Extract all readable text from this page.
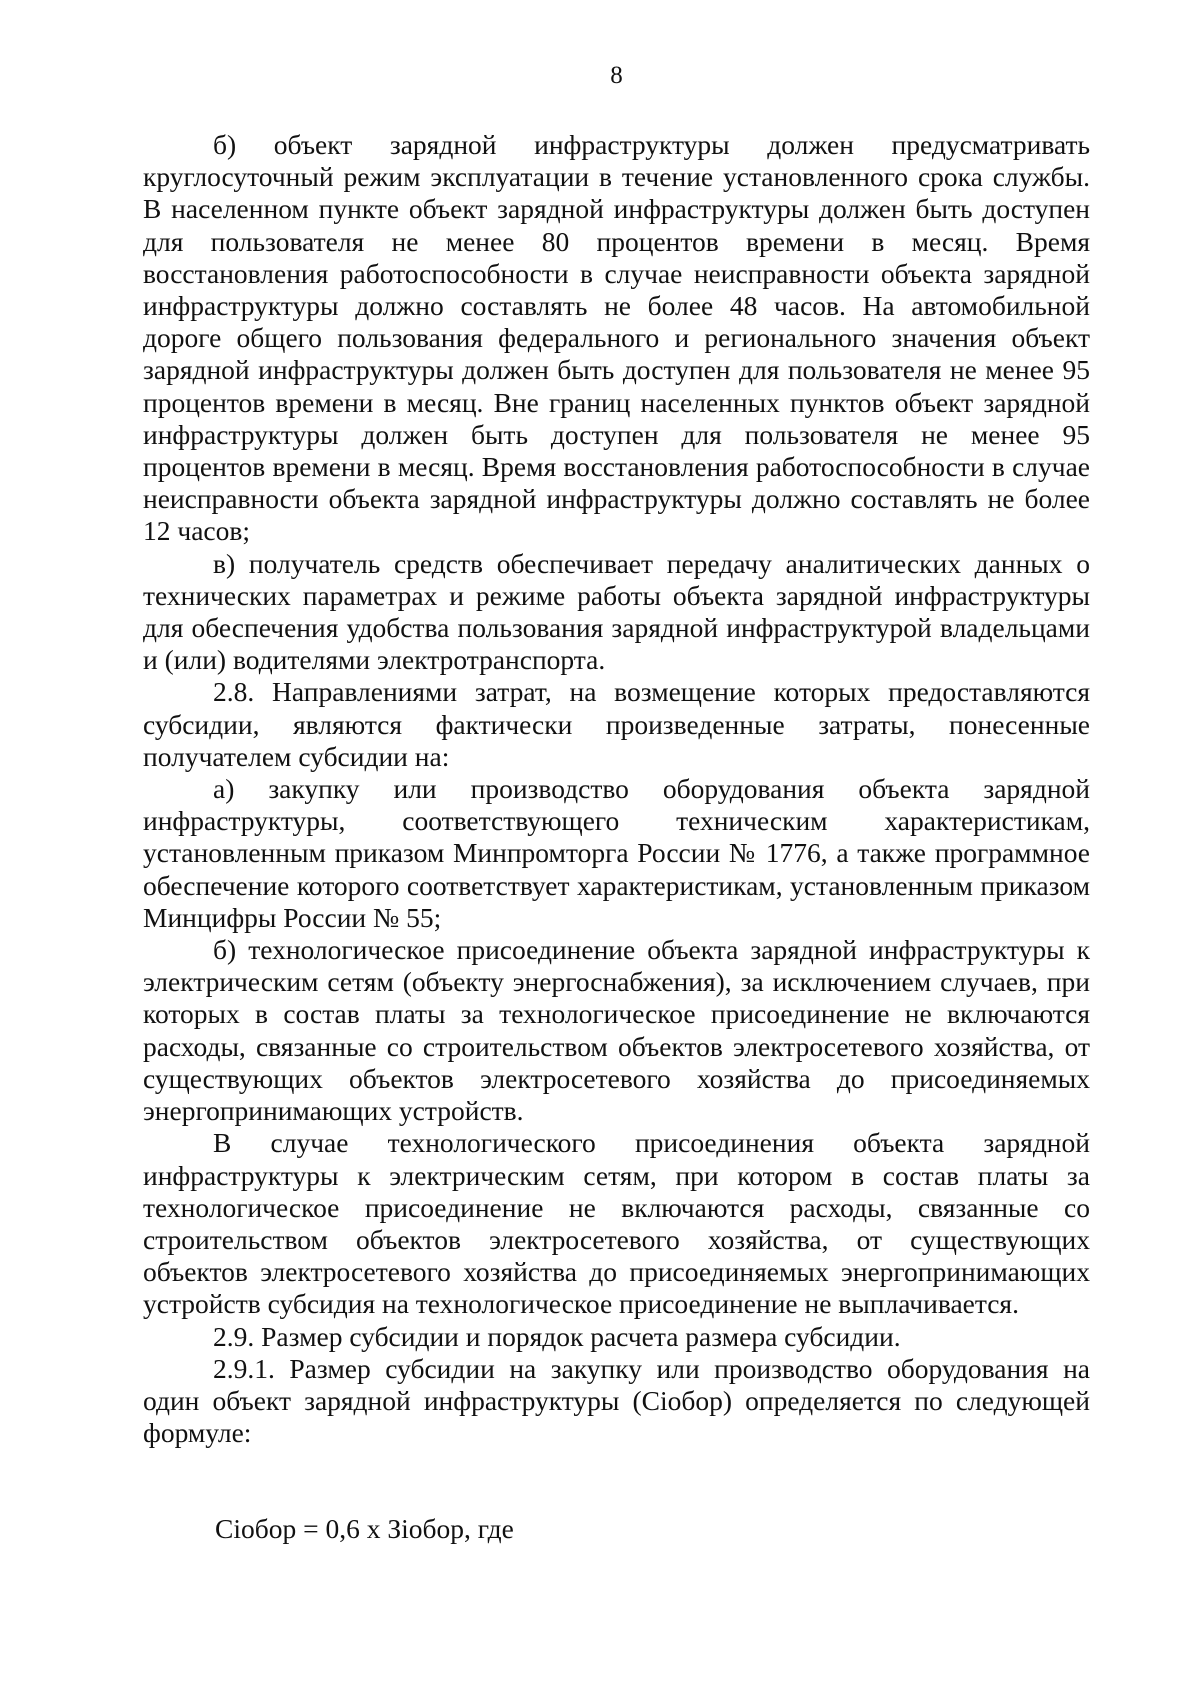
8

б) объект зарядной инфраструктуры должен предусматривать круглосуточный режим эксплуатации в течение установленного срока службы. В населенном пункте объект зарядной инфраструктуры должен быть доступен для пользователя не менее 80 процентов времени в месяц. Время восстановления работоспособности в случае неисправности объекта зарядной инфраструктуры должно составлять не более 48 часов. На автомобильной дороге общего пользования федерального и регионального значения объект зарядной инфраструктуры должен быть доступен для пользователя не менее 95 процентов времени в месяц. Вне границ населенных пунктов объект зарядной инфраструктуры должен быть доступен для пользователя не менее 95 процентов времени в месяц. Время восстановления работоспособности в случае неисправности объекта зарядной инфраструктуры должно составлять не более 12 часов;

в) получатель средств обеспечивает передачу аналитических данных о технических параметрах и режиме работы объекта зарядной инфраструктуры для обеспечения удобства пользования зарядной инфраструктурой владельцами и (или) водителями электротранспорта.

2.8. Направлениями затрат, на возмещение которых предоставляются субсидии, являются фактически произведенные затраты, понесенные получателем субсидии на:

а) закупку или производство оборудования объекта зарядной инфраструктуры, соответствующего техническим характеристикам, установленным приказом Минпромторга России № 1776, а также программное обеспечение которого соответствует характеристикам, установленным приказом Минцифры России № 55;

б) технологическое присоединение объекта зарядной инфраструктуры к электрическим сетям (объекту энергоснабжения), за исключением случаев, при которых в состав платы за технологическое присоединение не включаются расходы, связанные со строительством объектов электросетевого хозяйства, от существующих объектов электросетевого хозяйства до присоединяемых энергопринимающих устройств.

В случае технологического присоединения объекта зарядной инфраструктуры к электрическим сетям, при котором в состав платы за технологическое присоединение не включаются расходы, связанные со строительством объектов электросетевого хозяйства, от существующих объектов электросетевого хозяйства до присоединяемых энергопринимающих устройств субсидия на технологическое присоединение не выплачивается.

2.9. Размер субсидии и порядок расчета размера субсидии.

2.9.1. Размер субсидии на закупку или производство оборудования на один объект зарядной инфраструктуры (Сiобор) определяется по следующей формуле:

Сiобор = 0,6 х Зiобор, где
